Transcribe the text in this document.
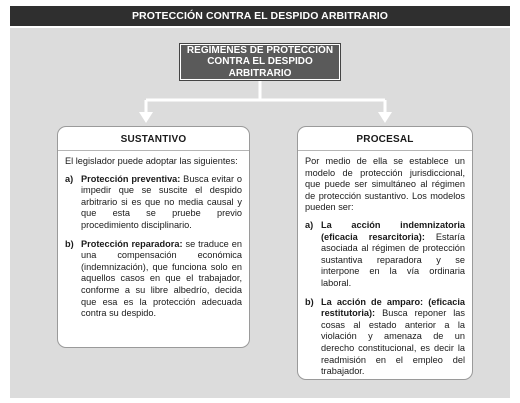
PROTECCIÓN CONTRA EL DESPIDO ARBITRARIO
REGÍMENES DE PROTECCIÓN
CONTRA EL DESPIDO ARBITRARIO
SUSTANTIVO
El legislador puede adoptar las siguientes:
a) Protección preventiva: Busca evitar o impedir que se suscite el despido arbitrario si es que no media causal y que esta se pruebe previo procedimiento disciplinario.
b) Protección reparadora: se traduce en una compensación económica (indemnización), que funciona solo en aquellos casos en que el trabajador, conforme a su libre albedrío, decida que esa es la protección adecuada contra su despido.
PROCESAL
Por medio de ella se establece un modelo de protección jurisdiccional, que puede ser simultáneo al régimen de protección sustantivo. Los modelos pueden ser:
a) La acción indemnizatoria (eficacia resarcitoria): Estaría asociada al régimen de protección sustantiva reparadora y se interpone en la vía ordinaria laboral.
b) La acción de amparo: (eficacia restitutoria): Busca reponer las cosas al estado anterior a la violación y amenaza de un derecho constitucional, es decir la readmisión en el empleo del trabajador.
